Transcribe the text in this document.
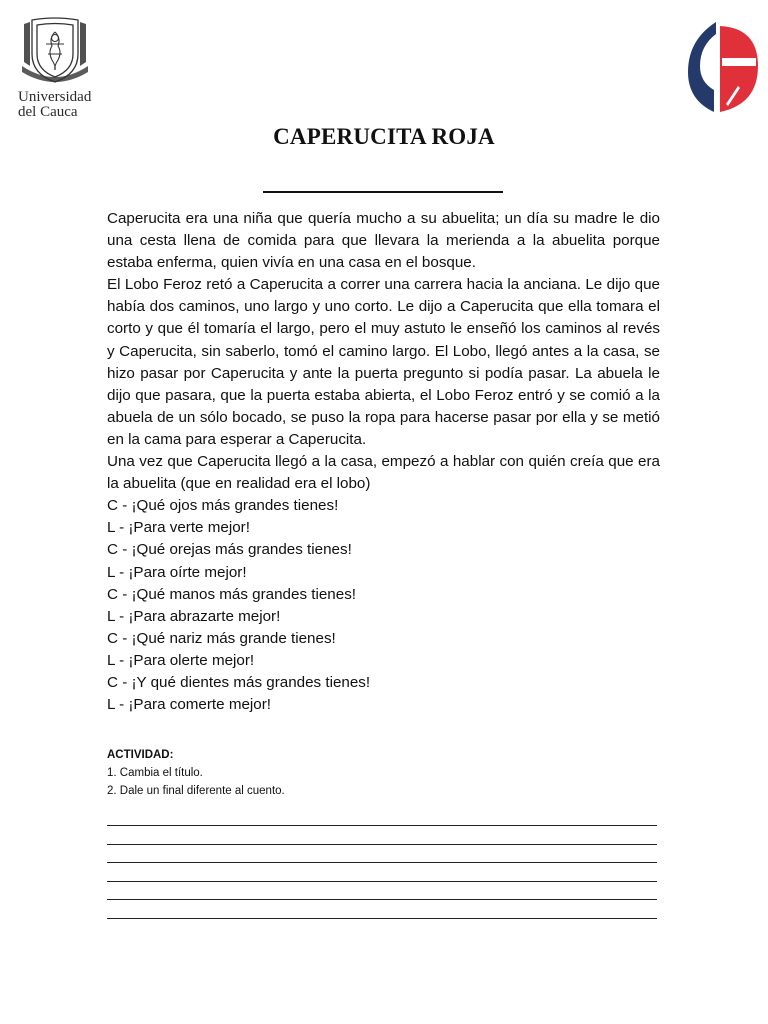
Universidad
del Cauca
CAPERUCITA ROJA

Caperucita era una niña que quería mucho a su abuelita; un día su madre le dio una cesta llena de comida para que llevara la merienda a la abuelita porque estaba enferma, quien vivía en una casa en el bosque.

El Lobo Feroz retó a Caperucita a correr una carrera hacia la anciana. Le dijo que había dos caminos, uno largo y uno corto. Le dijo a Caperucita que ella tomara el corto y que él tomaría el largo, pero el muy astuto le enseñó los caminos al revés y Caperucita, sin saberlo, tomó el camino largo. El Lobo, llegó antes a la casa, se hizo pasar por Caperucita y ante la puerta pregunto si podía pasar. La abuela le dijo que pasara, que la puerta estaba abierta, el Lobo Feroz entró y se comió a la abuela de un sólo bocado, se puso la ropa para hacerse pasar por ella y se metió en la cama para esperar a Caperucita.

Una vez que Caperucita llegó a la casa, empezó a hablar con quién creía que era la abuelita (que en realidad era el lobo)

C - ¡Qué ojos más grandes tienes!
L - ¡Para verte mejor!
C - ¡Qué orejas más grandes tienes!
L - ¡Para oírte mejor!
C - ¡Qué manos más grandes tienes!
L - ¡Para abrazarte mejor!
C - ¡Qué nariz más grande tienes!
L - ¡Para olerte mejor!
C - ¡Y qué dientes más grandes tienes!
L - ¡Para comerte mejor!
ACTIVIDAD:
1. Cambia el título.
2. Dale un final diferente al cuento.
